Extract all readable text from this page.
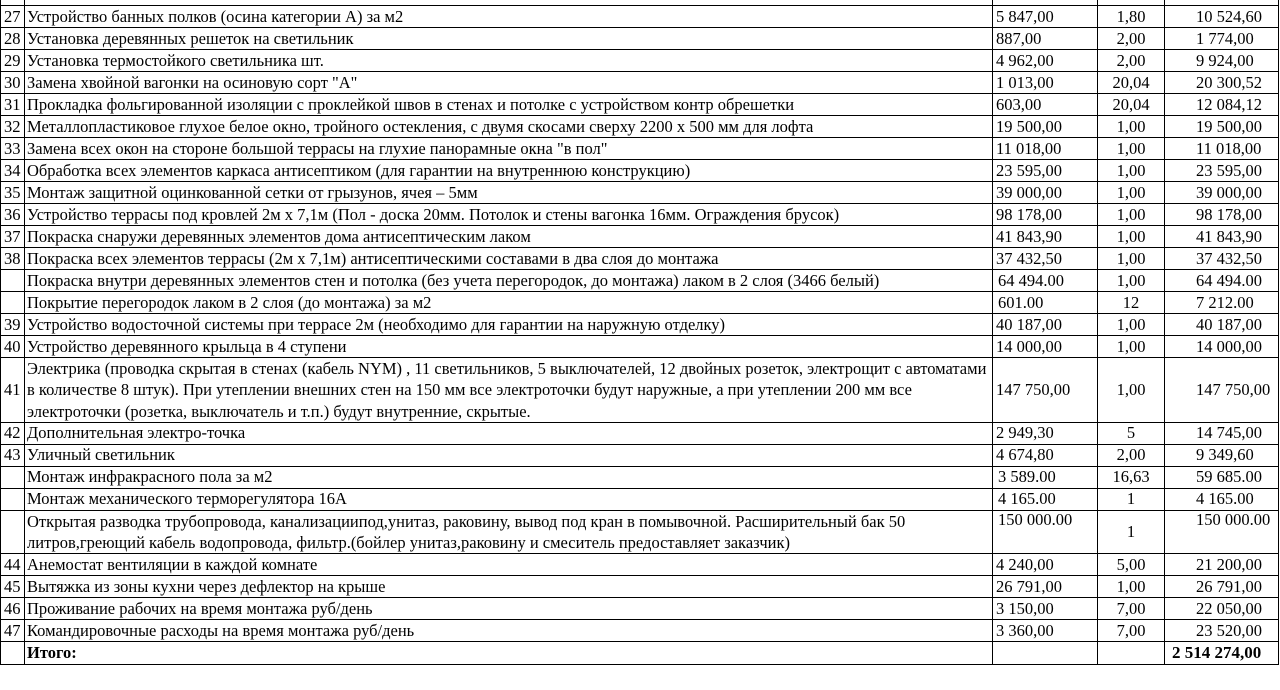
27	Устройство банных полков (осина категории А) за м2	5 847,00	1,80	10 524,60
28	Установка деревянных решеток на светильник	887,00	2,00	1 774,00
29	Установка термостойкого светильника шт.	4 962,00	2,00	9 924,00
30	Замена хвойной вагонки на осиновую сорт "А"	1 013,00	20,04	20 300,52
31	Прокладка фольгированной изоляции с проклейкой швов в стенах и потолке с устройством контр обрешетки	603,00	20,04	12 084,12
32	Металлопластиковое глухое белое окно, тройного остекления, с двумя скосами сверху 2200 х 500 мм для лофта	19 500,00	1,00	19 500,00
33	Замена всех окон на стороне большой террасы на глухие панорамные окна "в пол"	11 018,00	1,00	11 018,00
34	Обработка всех элементов каркаса антисептиком (для гарантии на внутреннюю конструкцию)	23 595,00	1,00	23 595,00
35	Монтаж защитной оцинкованной сетки от грызунов, ячея – 5мм	39 000,00	1,00	39 000,00
36	Устройство террасы под кровлей 2м х 7,1м (Пол - доска 20мм. Потолок и стены вагонка 16мм. Ограждения брусок)	98 178,00	1,00	98 178,00
37	Покраска снаружи деревянных элементов дома антисептическим лаком	41 843,90	1,00	41 843,90
38	Покраска всех элементов террасы (2м х 7,1м) антисептическими составами в два слоя до монтажа	37 432,50	1,00	37 432,50
	Покраска внутри деревянных элементов стен и потолка (без учета перегородок, до монтажа) лаком в 2 слоя (3466 белый)	64 494.00	1,00	64 494.00
	Покрытие перегородок лаком в 2 слоя (до монтажа) за м2	601.00	12	7 212.00
39	Устройство водосточной системы при террасе 2м (необходимо для гарантии на наружную отделку)	40 187,00	1,00	40 187,00
40	Устройство деревянного крыльца в 4 ступени	14 000,00	1,00	14 000,00
41	Электрика (проводка скрытая в стенах (кабель NYM) , 11 светильников, 5 выключателей, 12 двойных розеток, электрощит с автоматами в количестве 8 штук). При утеплении внешних стен на 150 мм все электроточки будут наружные, а при утеплении 200 мм все электроточки (розетка, выключатель и т.п.) будут внутренние, скрытые.	147 750,00	1,00	147 750,00
42	Дополнительная электро-точка	2 949,30	5	14 745,00
43	Уличный светильник	4 674,80	2,00	9 349,60
	Монтаж инфракрасного пола за м2	3 589.00	16,63	59 685.00
	Монтаж механического терморегулятора 16А	4 165.00	1	4 165.00
	Открытая разводка трубопровода, канализациипод,унитаз, раковину, вывод под кран в помывочной. Расширительный бак 50 литров,греющий кабель водопровода, фильтр.(бойлер унитаз,раковину и смеситель предоставляет заказчик)	150 000.00	1	150 000.00
44	Анемостат вентиляции в каждой комнате	4 240,00	5,00	21 200,00
45	Вытяжка из зоны кухни через дефлектор на крыше	26 791,00	1,00	26 791,00
46	Проживание рабочих на время монтажа руб/день	3 150,00	7,00	22 050,00
47	Командировочные расходы на время монтажа руб/день	3 360,00	7,00	23 520,00
	Итого:			2 514 274,00
